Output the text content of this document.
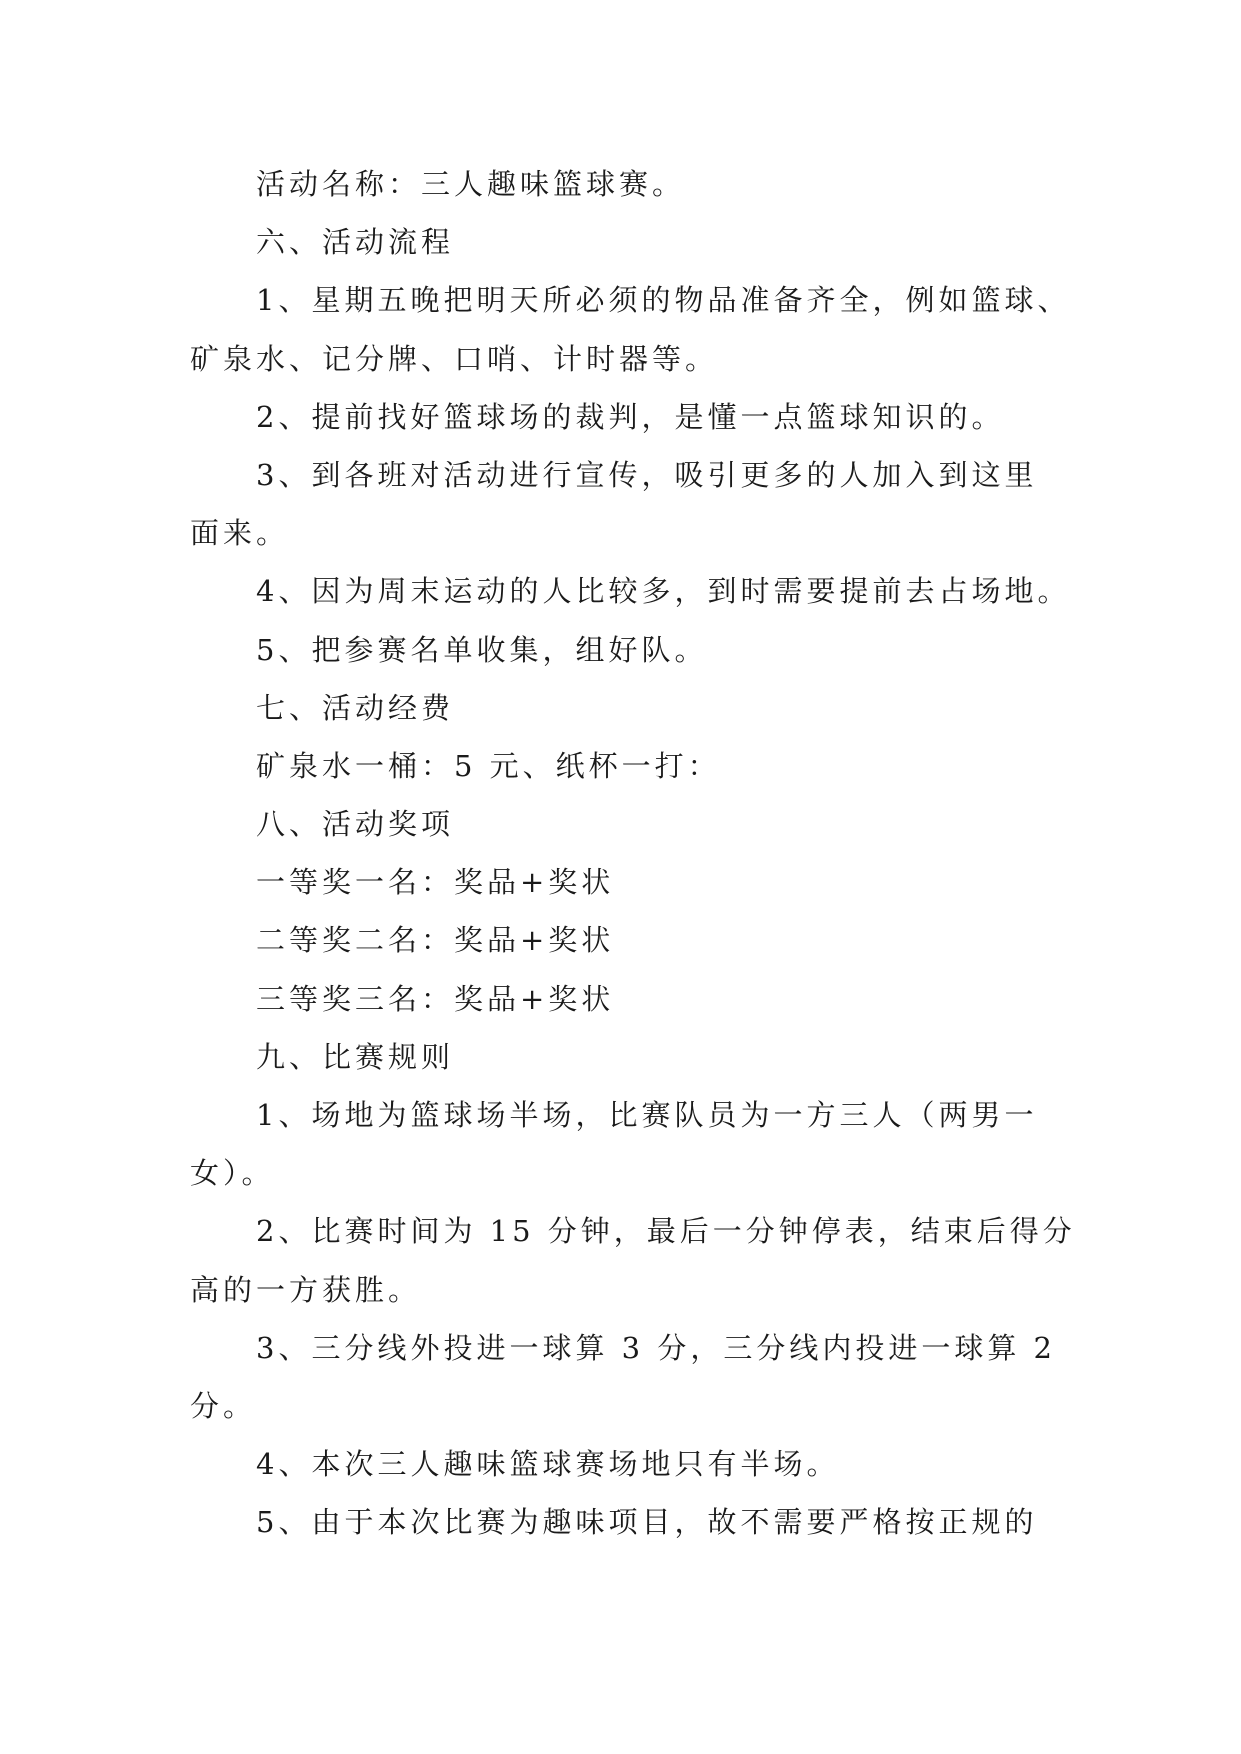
活动名称：三人趣味篮球赛。
六、活动流程
1、星期五晚把明天所必须的物品准备齐全，例如篮球、
矿泉水、记分牌、口哨、计时器等。
2、提前找好篮球场的裁判，是懂一点篮球知识的。
3、到各班对活动进行宣传，吸引更多的人加入到这里
面来。
4、因为周末运动的人比较多，到时需要提前去占场地。
5、把参赛名单收集，组好队。
七、活动经费
矿泉水一桶：5 元、纸杯一打：
八、活动奖项
一等奖一名：奖品+奖状
二等奖二名：奖品+奖状
三等奖三名：奖品+奖状
九、比赛规则
1、场地为篮球场半场，比赛队员为一方三人（两男一
女）。
2、比赛时间为 15 分钟，最后一分钟停表，结束后得分
高的一方获胜。
3、三分线外投进一球算 3 分，三分线内投进一球算 2
分。
4、本次三人趣味篮球赛场地只有半场。
5、由于本次比赛为趣味项目，故不需要严格按正规的
